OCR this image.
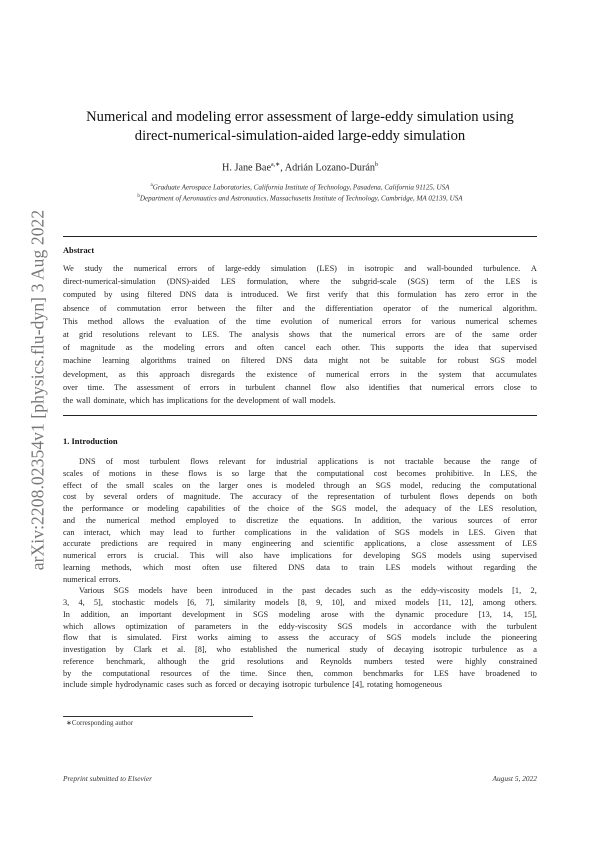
arXiv:2208.02354v1 [physics.flu-dyn] 3 Aug 2022
Numerical and modeling error assessment of large-eddy simulation using
direct-numerical-simulation-aided large-eddy simulation
H. Jane Bae$^{a,∗}$, Adrián Lozano-Durán$^b$
$^a$Graduate Aerospace Laboratories, California Institute of Technology, Pasadena, California 91125, USA
$^b$Department of Aeronautics and Astronautics, Massachusetts Institute of Technology, Cambridge, MA 02139, USA
Abstract
We study the numerical errors of large-eddy simulation (LES) in isotropic and wall-bounded turbulence. A
direct-numerical-simulation (DNS)-aided LES formulation, where the subgrid-scale (SGS) term of the LES is
computed by using filtered DNS data is introduced. We first verify that this formulation has zero error in the
absence of commutation error between the filter and the differentiation operator of the numerical algorithm.
This method allows the evaluation of the time evolution of numerical errors for various numerical schemes
at grid resolutions relevant to LES. The analysis shows that the numerical errors are of the same order
of magnitude as the modeling errors and often cancel each other. This supports the idea that supervised
machine learning algorithms trained on filtered DNS data might not be suitable for robust SGS model
development, as this approach disregards the existence of numerical errors in the system that accumulates
over time. The assessment of errors in turbulent channel flow also identifies that numerical errors close to
the wall dominate, which has implications for the development of wall models.
1. Introduction
DNS of most turbulent flows relevant for industrial applications is not tractable because the range of
scales of motions in these flows is so large that the computational cost becomes prohibitive. In LES, the
effect of the small scales on the larger ones is modeled through an SGS model, reducing the computational
cost by several orders of magnitude. The accuracy of the representation of turbulent flows depends on both
the performance or modeling capabilities of the choice of the SGS model, the adequacy of the LES resolution,
and the numerical method employed to discretize the equations. In addition, the various sources of error
can interact, which may lead to further complications in the validation of SGS models in LES. Given that
accurate predictions are required in many engineering and scientific applications, a close assessment of LES
numerical errors is crucial. This will also have implications for developing SGS models using supervised
learning methods, which most often use filtered DNS data to train LES models without regarding the
numerical errors.
Various SGS models have been introduced in the past decades such as the eddy-viscosity models [1, 2,
3, 4, 5], stochastic models [6, 7], similarity models [8, 9, 10], and mixed models [11, 12], among others.
In addition, an important development in SGS modeling arose with the dynamic procedure [13, 14, 15],
which allows optimization of parameters in the eddy-viscosity SGS models in accordance with the turbulent
flow that is simulated. First works aiming to assess the accuracy of SGS models include the pioneering
investigation by Clark et al. [8], who established the numerical study of decaying isotropic turbulence as a
reference benchmark, although the grid resolutions and Reynolds numbers tested were highly constrained
by the computational resources of the time. Since then, common benchmarks for LES have broadened to
include simple hydrodynamic cases such as forced or decaying isotropic turbulence [4], rotating homogeneous
∗Corresponding author
Preprint submitted to Elsevier	August 5, 2022
